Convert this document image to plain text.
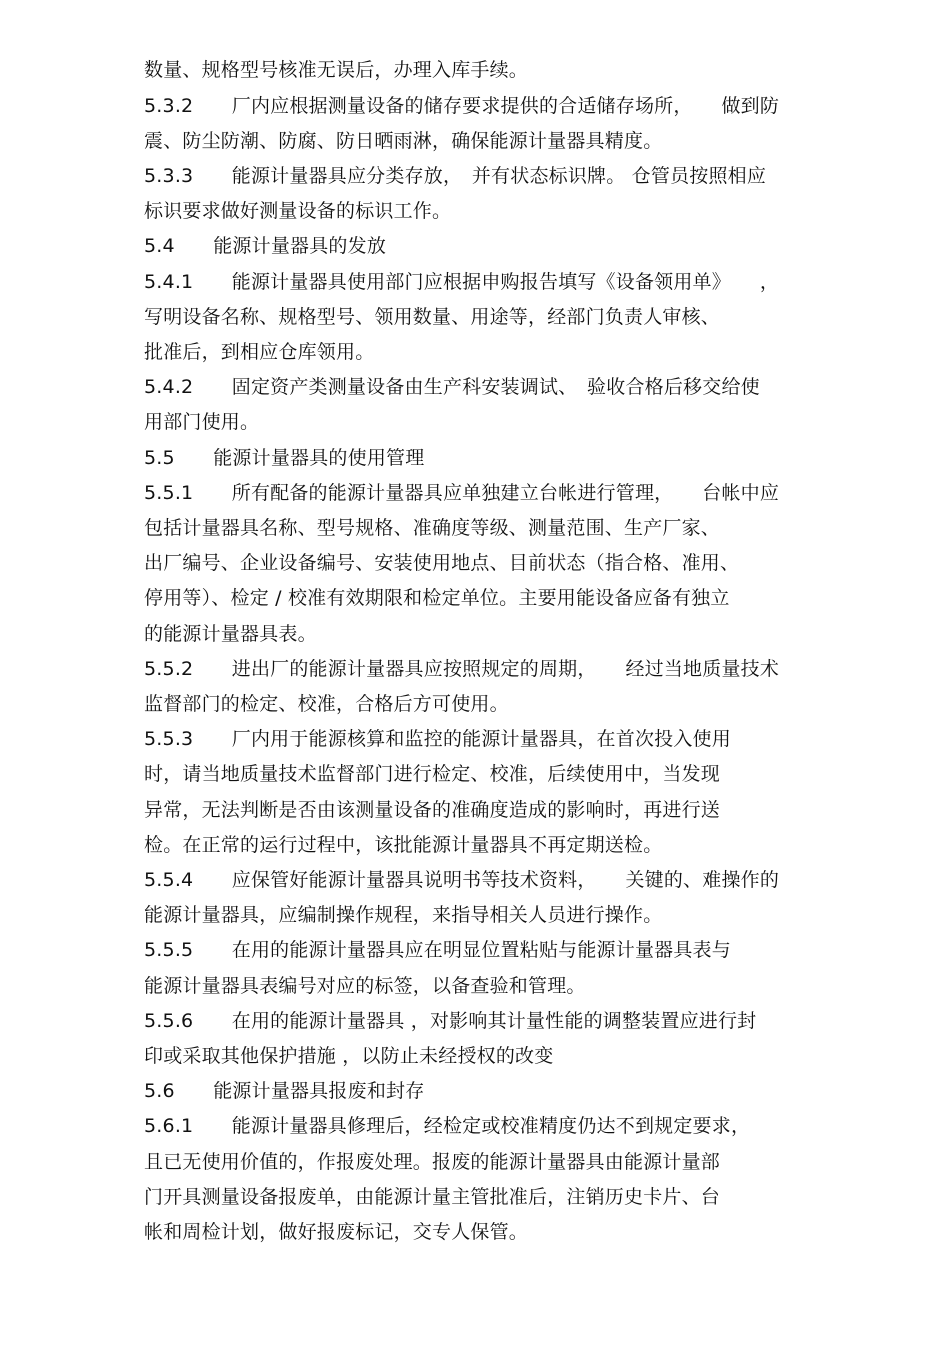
数量、规格型号核准无误后，办理入库手续。
5.3.2　　厂内应根据测量设备的储存要求提供的合适储存场所，　　做到防
震、防尘防潮、防腐、防日晒雨淋，确保能源计量器具精度。
5.3.3　　能源计量器具应分类存放，　并有状态标识牌。 仓管员按照相应
标识要求做好测量设备的标识工作。
5.4　　能源计量器具的发放
5.4.1　　能源计量器具使用部门应根据申购报告填写《设备领用单》　　，
写明设备名称、规格型号、领用数量、用途等，经部门负责人审核、
批准后，到相应仓库领用。
5.4.2　　固定资产类测量设备由生产科安装调试、　验收合格后移交给使
用部门使用。
5.5　　能源计量器具的使用管理
5.5.1　　所有配备的能源计量器具应单独建立台帐进行管理，　　台帐中应
包括计量器具名称、型号规格、准确度等级、测量范围、生产厂家、
出厂编号、企业设备编号、安装使用地点、目前状态（指合格、准用、
停用等）、检定 / 校准有效期限和检定单位。主要用能设备应备有独立
的能源计量器具表。
5.5.2　　进出厂的能源计量器具应按照规定的周期，　　经过当地质量技术
监督部门的检定、校准，合格后方可使用。
5.5.3　　厂内用于能源核算和监控的能源计量器具，在首次投入使用
时，请当地质量技术监督部门进行检定、校准，后续使用中，当发现
异常，无法判断是否由该测量设备的准确度造成的影响时，再进行送
检。在正常的运行过程中，该批能源计量器具不再定期送检。
5.5.4　　应保管好能源计量器具说明书等技术资料，　　关键的、难操作的
能源计量器具，应编制操作规程，来指导相关人员进行操作。
5.5.5　　在用的能源计量器具应在明显位置粘贴与能源计量器具表与
能源计量器具表编号对应的标签，以备查验和管理。
5.5.6　　在用的能源计量器具 ，对影响其计量性能的调整装置应进行封
印或采取其他保护措施 ，以防止未经授权的改变
5.6　　能源计量器具报废和封存
5.6.1　　能源计量器具修理后，经检定或校准精度仍达不到规定要求，
且已无使用价值的，作报废处理。报废的能源计量器具由能源计量部
门开具测量设备报废单，由能源计量主管批准后，注销历史卡片、台
帐和周检计划，做好报废标记，交专人保管。
